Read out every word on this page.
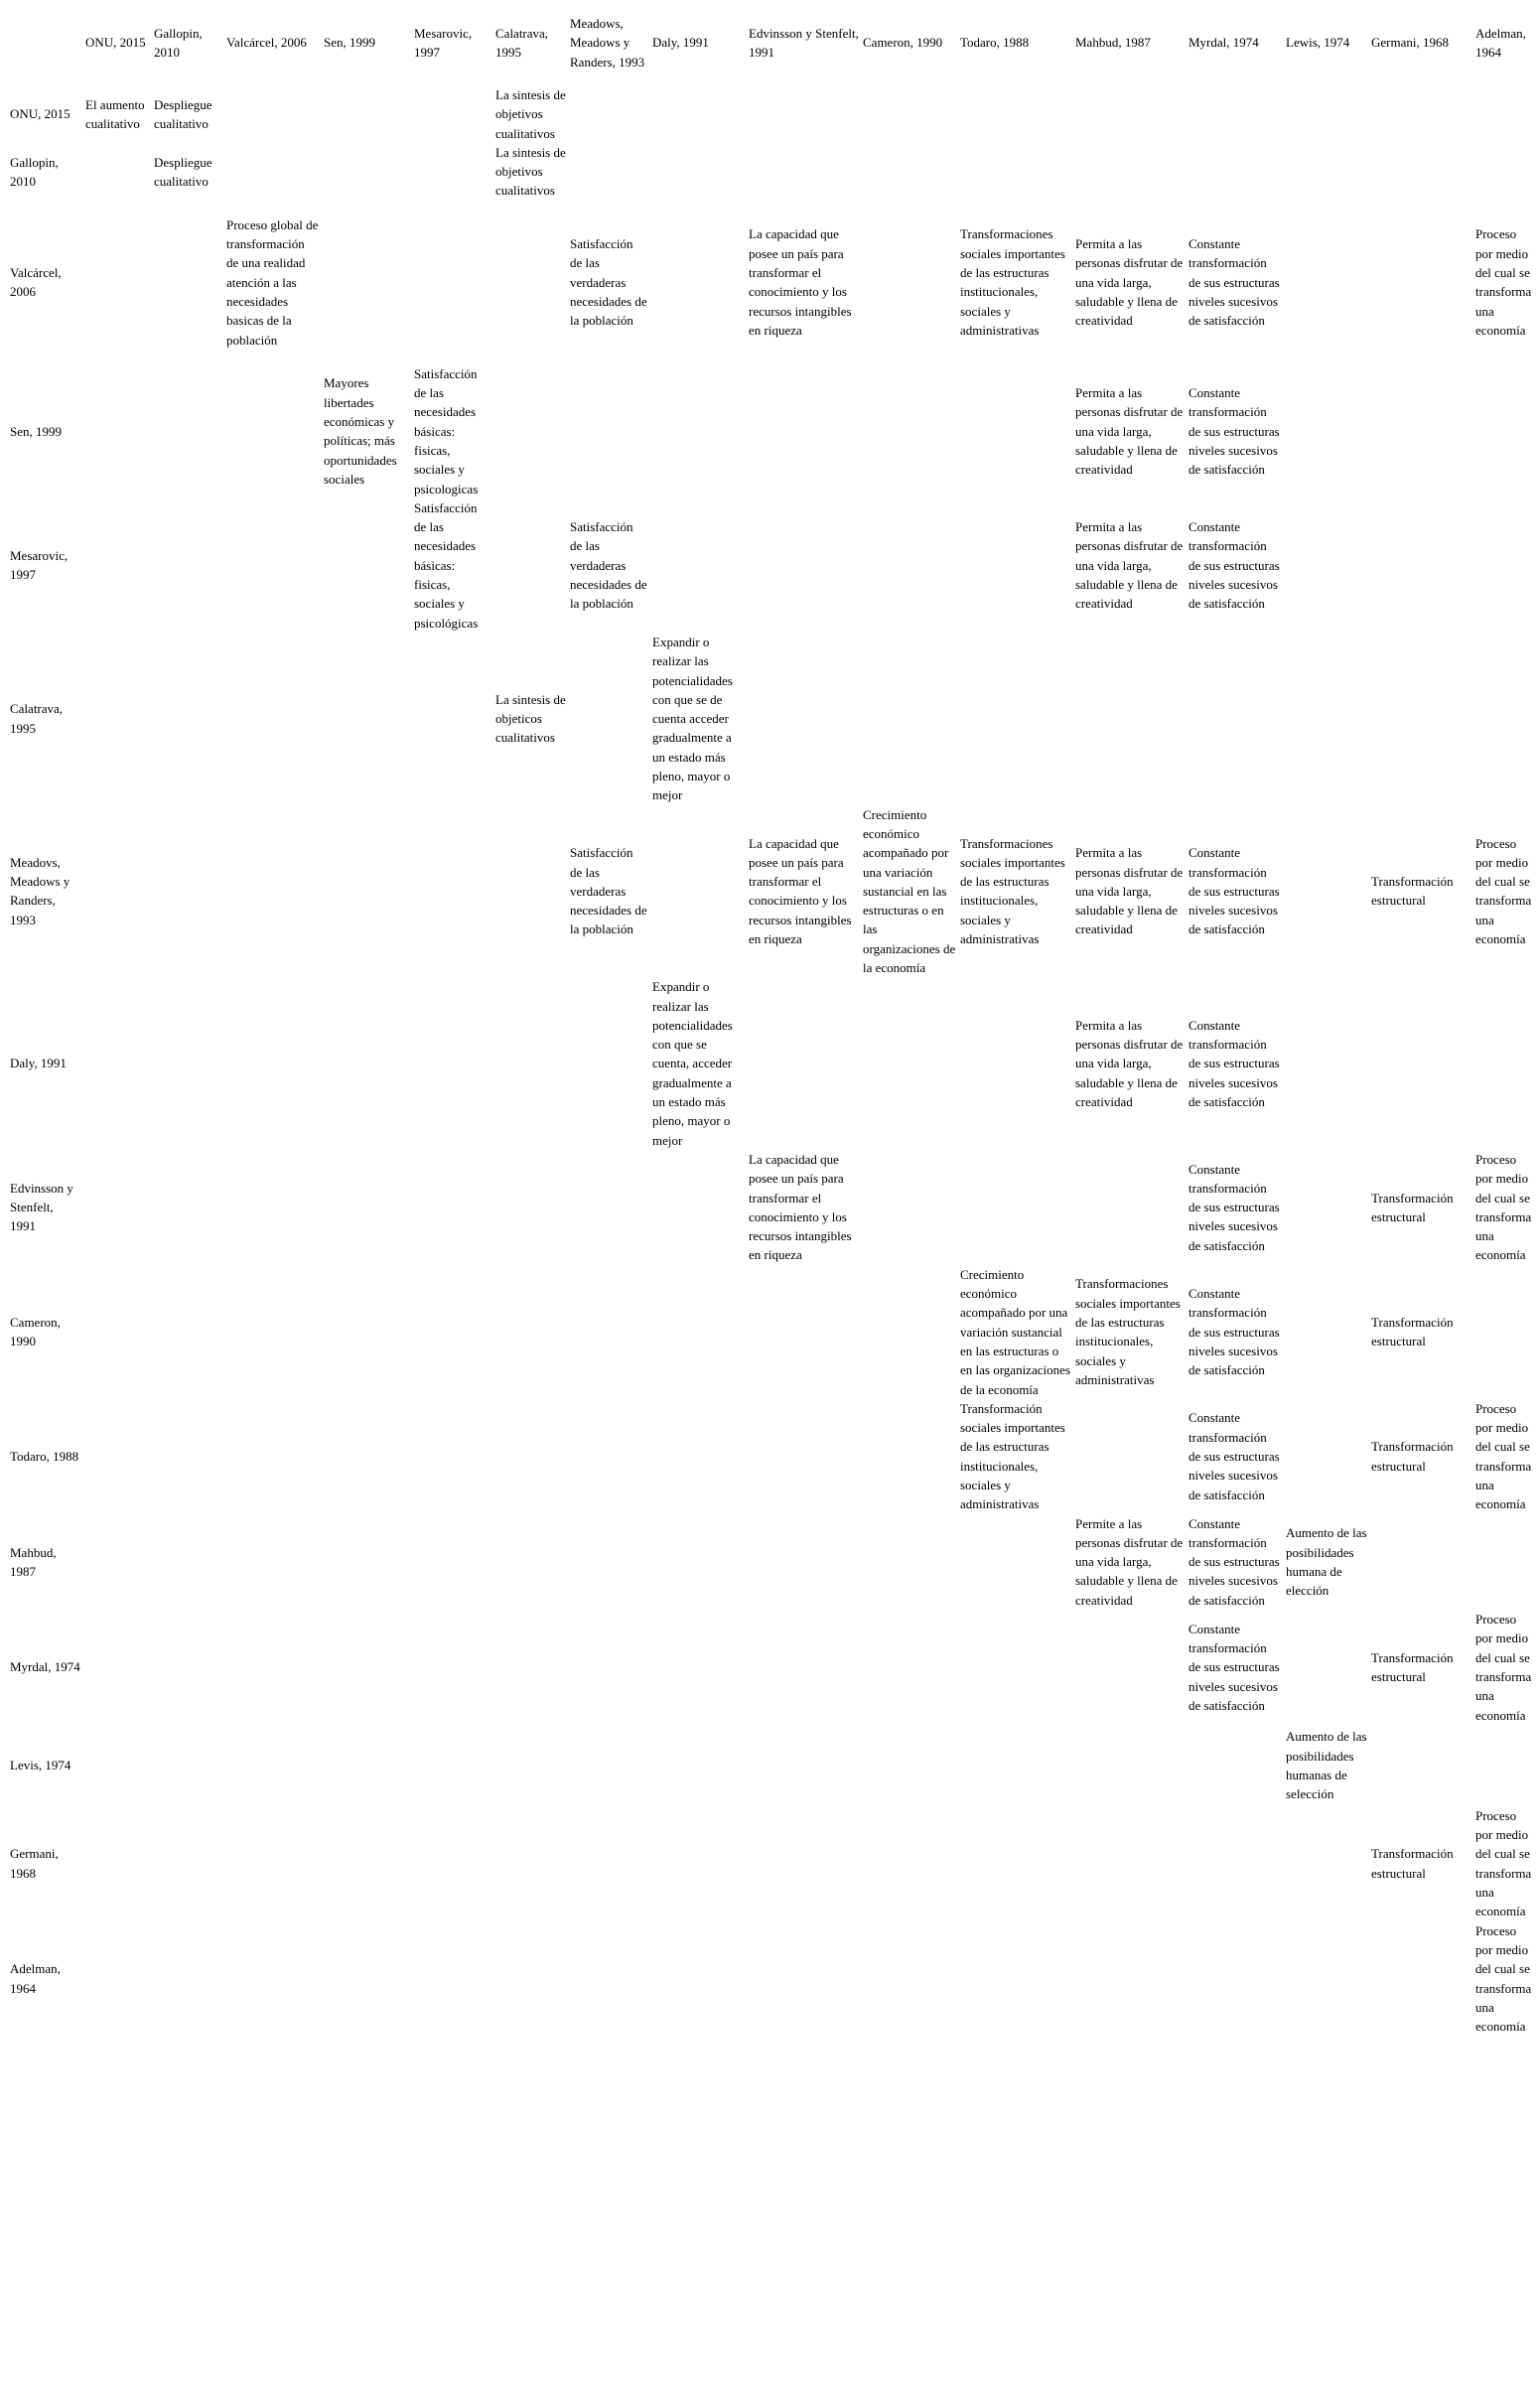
	ONU, 2015	Gallopin, 2010	Valcárcel, 2006	Sen, 1999	Mesarovic, 1997	Calatrava, 1995	Meadows, Meadows y Randers, 1993	Daly, 1991	Edvinsson y Stenfelt, 1991	Cameron, 1990	Todaro, 1988	Mahbud, 1987	Myrdal, 1974	Lewis, 1974	Germani, 1968	Adelman, 1964
ONU, 2015	El aumento cualitativo	Despliegue cualitativo				La sintesis de objetivos cualitativos										
Gallopin, 2010		Despliegue cualitativo				La sintesis de objetivos cualitativos										
Valcárcel, 2006			Proceso global de transformación de una realidad atención a las necesidades basicas de la población				Satisfacción de las verdaderas necesidades de la población		La capacidad que posee un país para transformar el conocimiento y los recursos intangibles en riqueza		Transformaciones sociales importantes de las estructuras institucionales, sociales y administrativas	Permita a las personas disfrutar de una vida larga, saludable y llena de creatividad	Constante transformación de sus estructuras niveles sucesivos de satisfacción			Proceso por medio del cual se transforma una economía
Sen, 1999				Mayores libertades económicas y políticas; más oportunidades sociales	Satisfacción de las necesidades básicas: fisicas, sociales y psicologicas							Permita a las personas disfrutar de una vida larga, saludable y llena de creatividad	Constante transformación de sus estructuras niveles sucesivos de satisfacción			
Mesarovic, 1997					Satisfacción de las necesidades básicas: fisicas, sociales y psicológicas		Satisfacción de las verdaderas necesidades de la población					Permita a las personas disfrutar de una vida larga, saludable y llena de creatividad	Constante transformación de sus estructuras niveles sucesivos de satisfacción			
Calatrava, 1995						La sintesis de objeticos cualitativos		Expandir o realizar las potencialidades con que se de cuenta acceder gradualmente a un estado más pleno, mayor o mejor								
Meadovs, Meadows y Randers, 1993							Satisfacción de las verdaderas necesidades de la población		La capacidad que posee un país para transformar el conocimiento y los recursos intangibles en riqueza	Crecimiento económico acompañado por una variación sustancial en las estructuras o en las organizaciones de la economía	Transformaciones sociales importantes de las estructuras institucionales, sociales y administrativas	Permita a las personas disfrutar de una vida larga, saludable y llena de creatividad	Constante transformación de sus estructuras niveles sucesivos de satisfacción		Transformación estructural	Proceso por medio del cual se transforma una economía
Daly, 1991								Expandir o realizar las potencialidades con que se cuenta, acceder gradualmente a un estado más pleno, mayor o mejor				Permita a las personas disfrutar de una vida larga, saludable y llena de creatividad	Constante transformación de sus estructuras niveles sucesivos de satisfacción			
Edvinsson y Stenfelt, 1991									La capacidad que posee un país para transformar el conocimiento y los recursos intangibles en riqueza				Constante transformación de sus estructuras niveles sucesivos de satisfacción		Transformación estructural	Proceso por medio del cual se transforma una economía
Cameron, 1990											Crecimiento económico acompañado por una variación sustancial en las estructuras o en las organizaciones de la economía	Transformaciones sociales importantes de las estructuras institucionales, sociales y administrativas	Constante transformación de sus estructuras niveles sucesivos de satisfacción		Transformación estructural	
Todaro, 1988											Transformación sociales importantes de las estructuras institucionales, sociales y administrativas		Constante transformación de sus estructuras niveles sucesivos de satisfacción		Transformación estructural	Proceso por medio del cual se transforma una economía
Mahbud, 1987												Permite a las personas disfrutar de una vida larga, saludable y llena de creatividad	Constante transformación de sus estructuras niveles sucesivos de satisfacción	Aumento de las posibilidades humana de elección		
Myrdal, 1974													Constante transformación de sus estructuras niveles sucesivos de satisfacción		Transformación estructural	Proceso por medio del cual se transforma una economía
Levis, 1974														Aumento de las posibilidades humanas de selección		
Germani, 1968															Transformación estructural	Proceso por medio del cual se transforma una economía
Adelman, 1964																Proceso por medio del cual se transforma una economía
